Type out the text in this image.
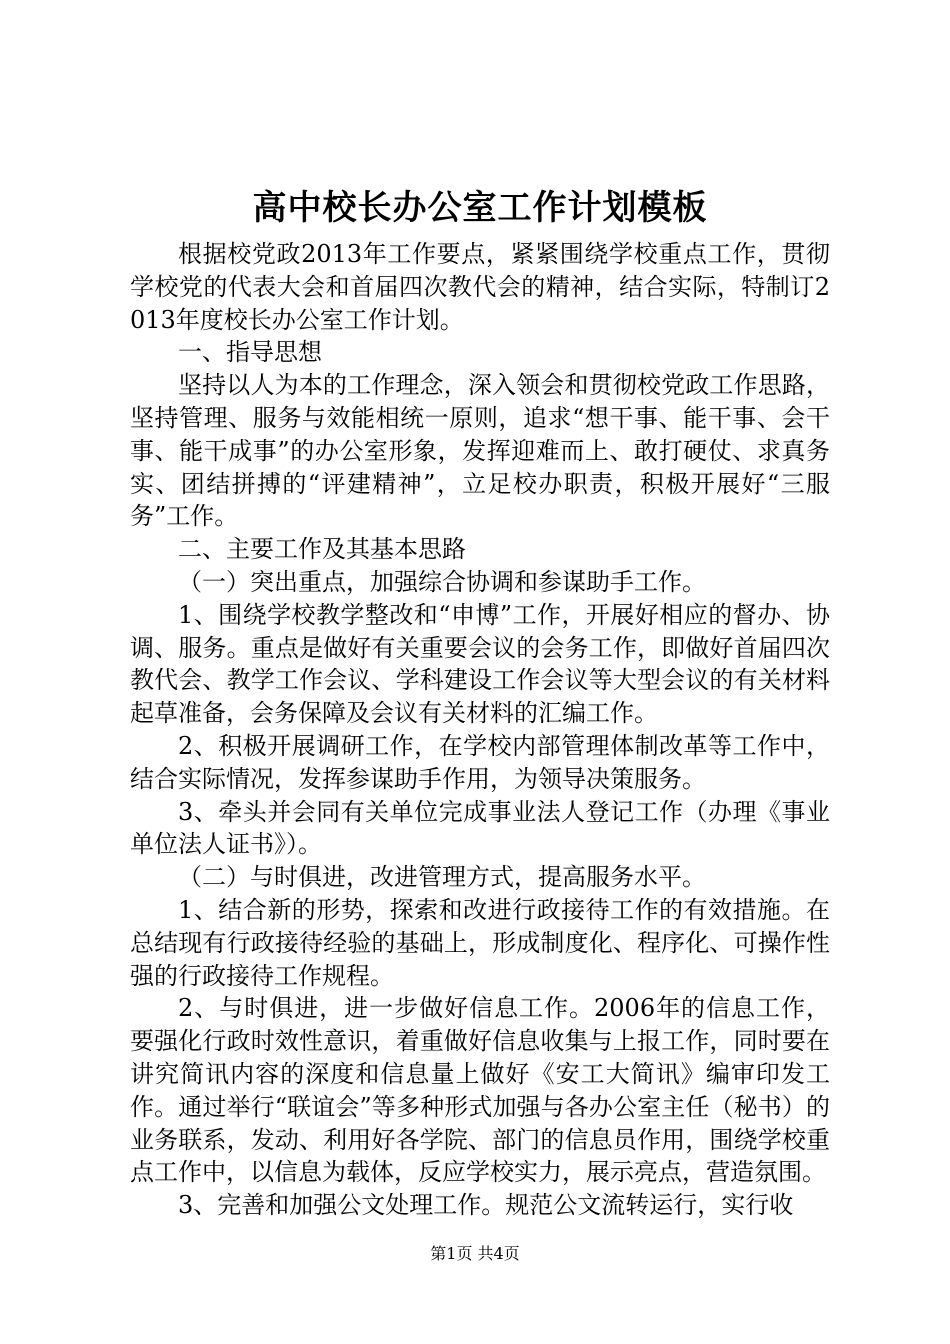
高中校长办公室工作计划模板

根据校党政2013年工作要点，紧紧围绕学校重点工作，贯彻学校党的代表大会和首届四次教代会的精神，结合实际，特制订2013年度校长办公室工作计划。

一、指导思想

坚持以人为本的工作理念，深入领会和贯彻校党政工作思路，坚持管理、服务与效能相统一原则，追求“想干事、能干事、会干事、能干成事”的办公室形象，发挥迎难而上、敢打硬仗、求真务实、团结拼搏的“评建精神”，立足校办职责，积极开展好“三服务”工作。

二、主要工作及其基本思路

（一）突出重点，加强综合协调和参谋助手工作。

1、围绕学校教学整改和“申博”工作，开展好相应的督办、协调、服务。重点是做好有关重要会议的会务工作，即做好首届四次教代会、教学工作会议、学科建设工作会议等大型会议的有关材料起草准备，会务保障及会议有关材料的汇编工作。

2、积极开展调研工作，在学校内部管理体制改革等工作中，结合实际情况，发挥参谋助手作用，为领导决策服务。

3、牵头并会同有关单位完成事业法人登记工作（办理《事业单位法人证书》）。

（二）与时俱进，改进管理方式，提高服务水平。

1、结合新的形势，探索和改进行政接待工作的有效措施。在总结现有行政接待经验的基础上，形成制度化、程序化、可操作性强的行政接待工作规程。

2、与时俱进，进一步做好信息工作。2006年的信息工作，要强化行政时效性意识，着重做好信息收集与上报工作，同时要在讲究简讯内容的深度和信息量上做好《安工大简讯》编审印发工作。通过举行“联谊会”等多种形式加强与各办公室主任（秘书）的业务联系，发动、利用好各学院、部门的信息员作用，围绕学校重点工作中，以信息为载体，反应学校实力，展示亮点，营造氛围。

3、完善和加强公文处理工作。规范公文流转运行，实行收

第1页 共4页
